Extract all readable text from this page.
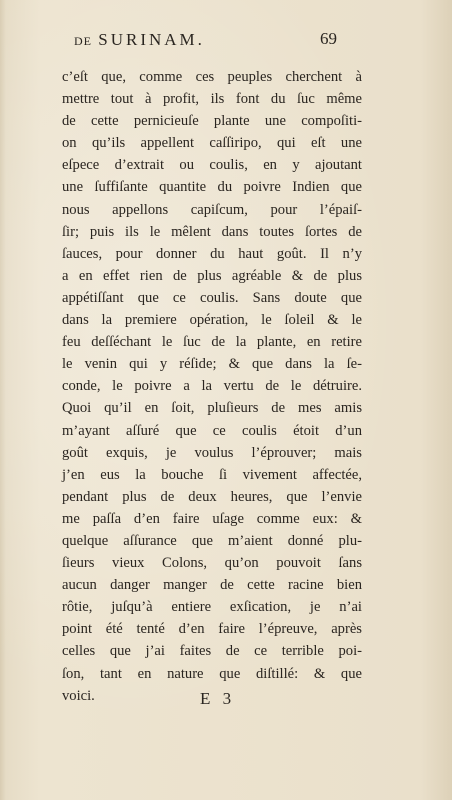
DE SURINAM.	69
c’eſt que, comme ces peuples cherchent à
mettre tout à profit, ils font du ſuc même
de cette pernicieuſe plante une compoſiti-
on qu’ils appellent caſſiripo, qui eſt une
eſpece d’extrait ou coulis, en y ajoutant
une ſuffiſante quantite du poivre Indien que
nous appellons capiſcum, pour l’épaiſ-
ſir; puis ils le mêlent dans toutes ſortes de
ſauces, pour donner du haut goût. Il n’y
a en effet rien de plus agréable & de plus
appétiſſant que ce coulis. Sans doute que
dans la premiere opération, le ſoleil & le
feu deſſéchant le ſuc de la plante, en retire
le venin qui y réſide; & que dans la ſe-
conde, le poivre a la vertu de le détruire.
Quoi qu’il en ſoit, pluſieurs de mes amis
m’ayant aſſuré que ce coulis étoit d’un
goût exquis, je voulus l’éprouver; mais
j’en eus la bouche ſi vivement affectée,
pendant plus de deux heures, que l’envie
me paſſa d’en faire uſage comme eux: &
quelque aſſurance que m’aient donné plu-
ſieurs vieux Colons, qu’on pouvoit ſans
aucun danger manger de cette racine bien
rôtie, juſqu’à entiere exſication, je n’ai
point été tenté d’en faire l’épreuve, après
celles que j’ai faites de ce terrible poi-
ſon, tant en nature que diſtillé: & que
voici.	E 3
